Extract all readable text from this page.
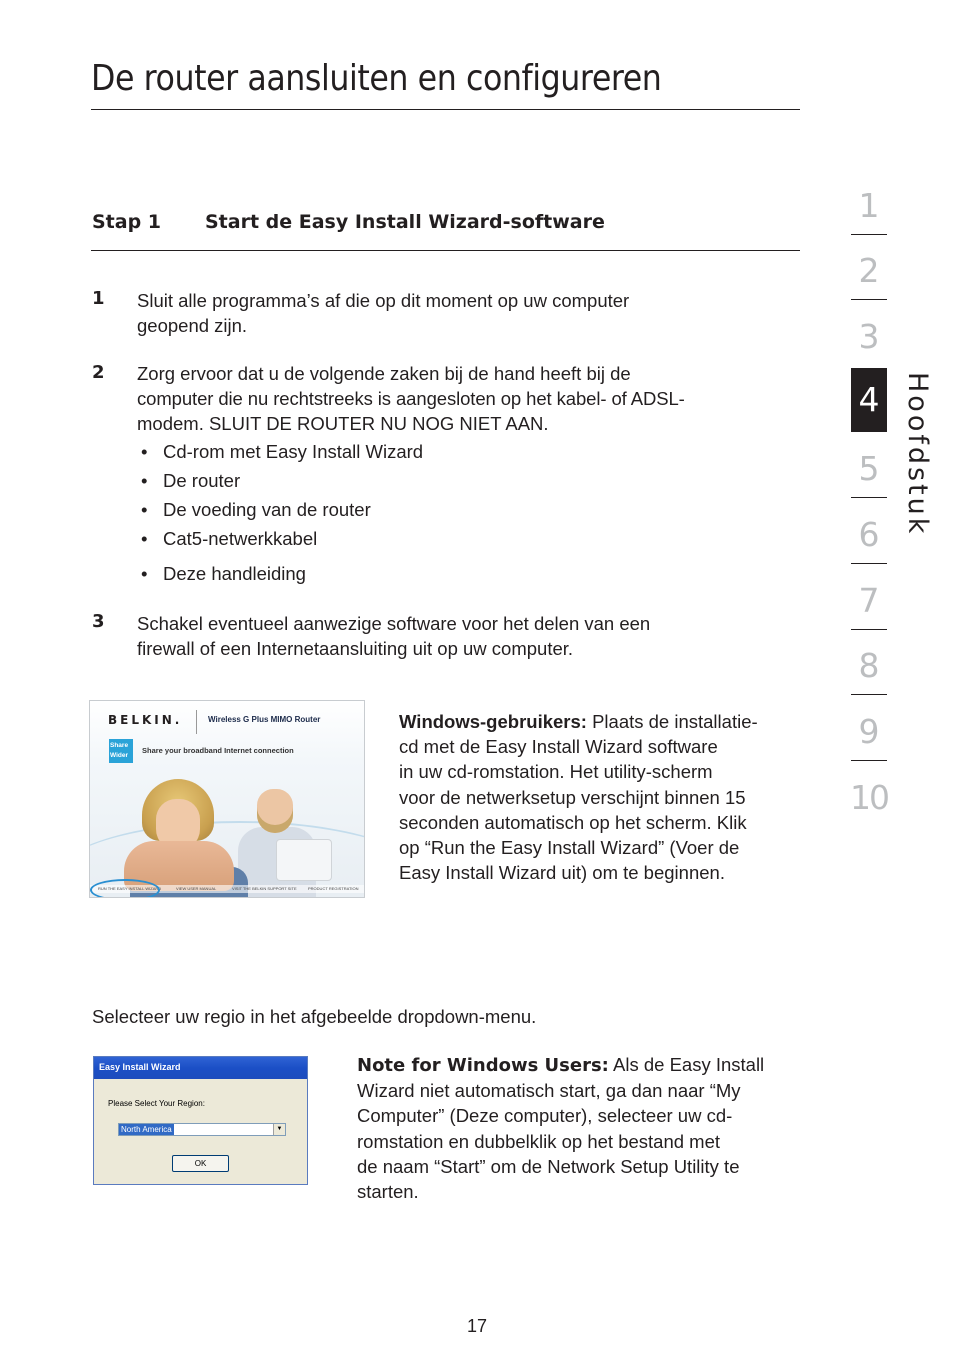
De router aansluiten en configureren
Stap 1 Start de Easy Install Wizard-software
1 Sluit alle programma’s af die op dit moment op uw computer
geopend zijn.
2 Zorg ervoor dat u de volgende zaken bij de hand heeft bij de
computer die nu rechtstreeks is aangesloten op het kabel- of ADSL-
modem. SLUIT DE ROUTER NU NOG NIET AAN.
• Cd-rom met Easy Install Wizard
• De router
• De voeding van de router
• Cat5-netwerkkabel
• Deze handleiding
3 Schakel eventueel aanwezige software voor het delen van een
firewall of een Internetaansluiting uit op uw computer.
BELKIN.	Wireless G Plus MIMO Router
Share
Wider
Share your broadband Internet connection
RUN THE EASY INSTALL WIZARD	VIEW USER MANUAL	VISIT THE BELKIN SUPPORT SITE	PRODUCT REGISTRATION
Windows-gebruikers: Plaats de installatie-
cd met de Easy Install Wizard software
in uw cd-romstation. Het utility-scherm
voor de netwerksetup verschijnt binnen 15
seconden automatisch op het scherm. Klik
op “Run the Easy Install Wizard” (Voer de
Easy Install Wizard uit) om te beginnen.
Selecteer uw regio in het afgebeelde dropdown-menu.
Easy Install Wizard
Please Select Your Region:
North America	▼
OK
Note for Windows Users: Als de Easy Install
Wizard niet automatisch start, ga dan naar “My
Computer” (Deze computer), selecteer uw cd-
romstation en dubbelklik op het bestand met
de naam “Start” om de Network Setup Utility te
starten.
1
2
3
4
5
6
7
8
9
10
Hoofdstuk
17
